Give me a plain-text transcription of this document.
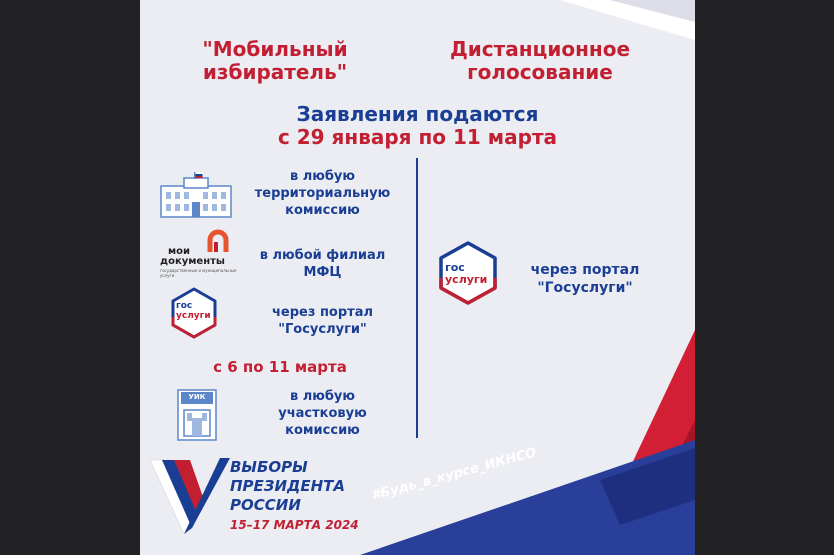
"Мобильный избиратель"
Дистанционное голосование
Заявления подаются
с 29 января по 11 марта
в любую территориальную комиссию
мои
документы
государственные и муниципальные услуги
в любой филиал МФЦ
гос
услуги	через портал "Госуслуги"
с 6 по 11 марта
УИК	в любую участковую комиссию
гос
услуги
через портал "Госуслуги"
ВЫБОРЫ
ПРЕЗИДЕНТА
РОССИИ
15–17 МАРТА 2024
#Будь_в_курсе_ИКНСО
